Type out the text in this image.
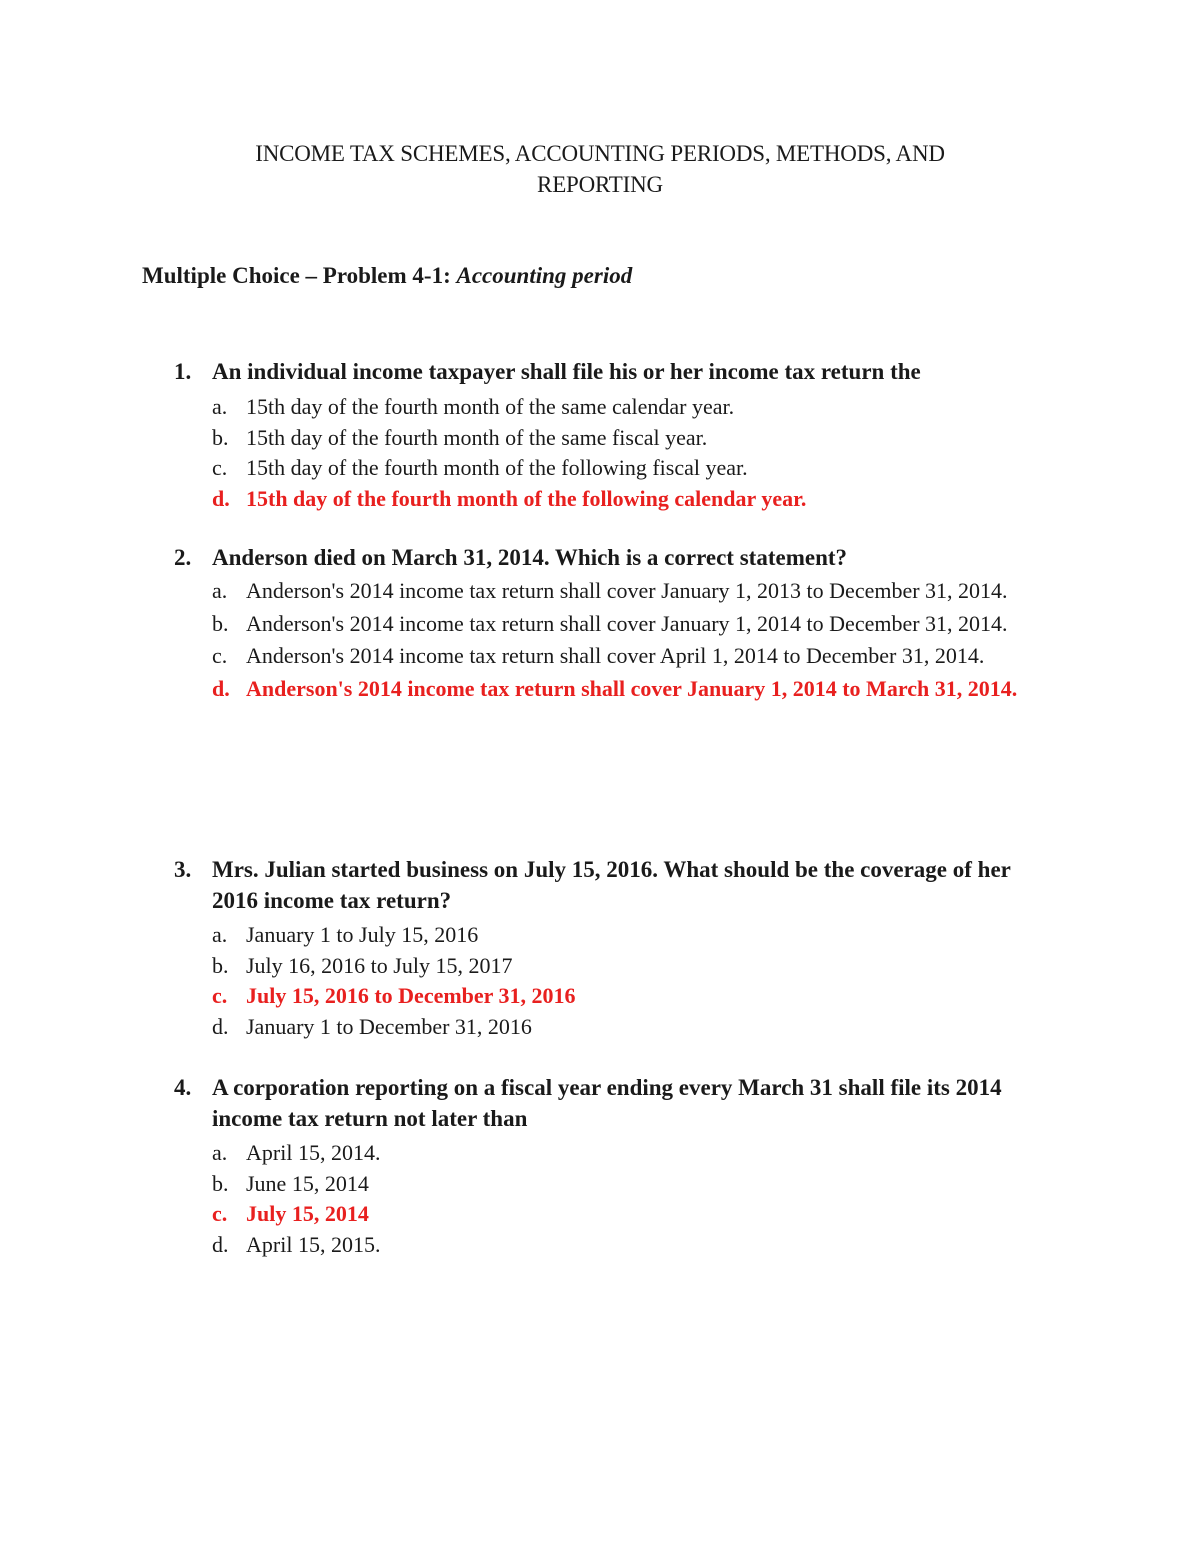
INCOME TAX SCHEMES, ACCOUNTING PERIODS, METHODS, AND
REPORTING
Multiple Choice – Problem 4-1: Accounting period
1. An individual income taxpayer shall file his or her income tax return the
a. 15th day of the fourth month of the same calendar year.
b. 15th day of the fourth month of the same fiscal year.
c. 15th day of the fourth month of the following fiscal year.
d. 15th day of the fourth month of the following calendar year.
2. Anderson died on March 31, 2014. Which is a correct statement?
a. Anderson's 2014 income tax return shall cover January 1, 2013 to December 31, 2014.
b. Anderson's 2014 income tax return shall cover January 1, 2014 to December 31, 2014.
c. Anderson's 2014 income tax return shall cover April 1, 2014 to December 31, 2014.
d. Anderson's 2014 income tax return shall cover January 1, 2014 to March 31, 2014.
3. Mrs. Julian started business on July 15, 2016. What should be the coverage of her 2016 income tax return?
a. January 1 to July 15, 2016
b. July 16, 2016 to July 15, 2017
c. July 15, 2016 to December 31, 2016
d. January 1 to December 31, 2016
4. A corporation reporting on a fiscal year ending every March 31 shall file its 2014 income tax return not later than
a. April 15, 2014.
b. June 15, 2014
c. July 15, 2014
d. April 15, 2015.
